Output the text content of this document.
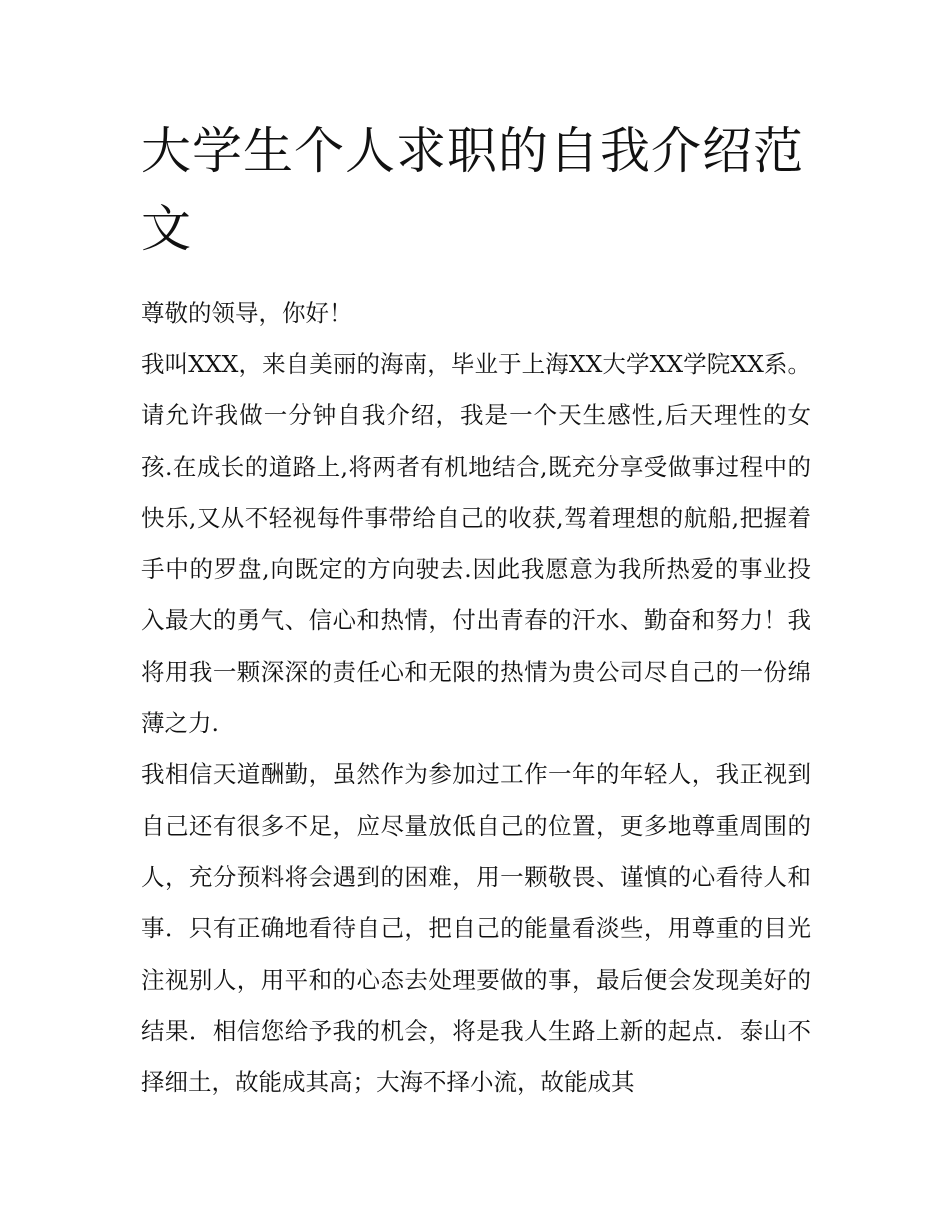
大学生个人求职的自我介绍范文

尊敬的领导，你好！

我叫XXX，来自美丽的海南，毕业于上海XX大学XX学院XX系。请允许我做一分钟自我介绍，我是一个天生感性,后天理性的女孩.在成长的道路上,将两者有机地结合,既充分享受做事过程中的快乐,又从不轻视每件事带给自己的收获,驾着理想的航船,把握着手中的罗盘,向既定的方向驶去.因此我愿意为我所热爱的事业投入最大的勇气、信心和热情，付出青春的汗水、勤奋和努力！我将用我一颗深深的责任心和无限的热情为贵公司尽自己的一份绵薄之力.

我相信天道酬勤，虽然作为参加过工作一年的年轻人，我正视到自己还有很多不足，应尽量放低自己的位置，更多地尊重周围的人，充分预料将会遇到的困难，用一颗敬畏、谨慎的心看待人和事．只有正确地看待自己，把自己的能量看淡些，用尊重的目光注视别人，用平和的心态去处理要做的事，最后便会发现美好的结果．相信您给予我的机会，将是我人生路上新的起点．泰山不择细土，故能成其高；大海不择小流，故能成其
